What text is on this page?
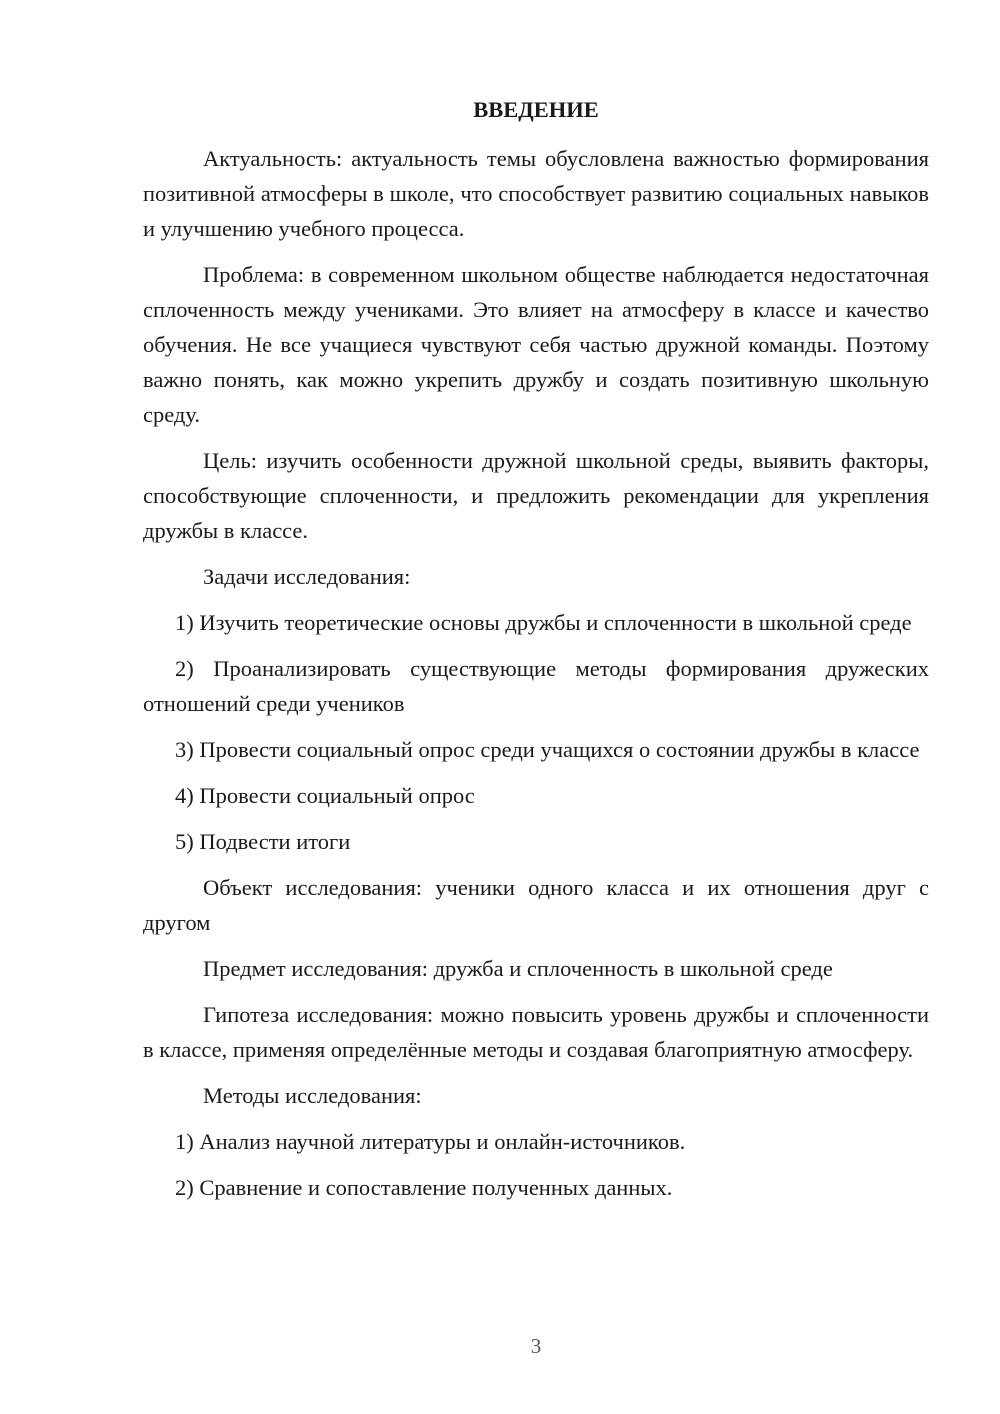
ВВЕДЕНИЕ

Актуальность: актуальность темы обусловлена важностью формирования позитивной атмосферы в школе, что способствует развитию социальных навыков и улучшению учебного процесса.

Проблема: в современном школьном обществе наблюдается недостаточная сплоченность между учениками. Это влияет на атмосферу в классе и качество обучения. Не все учащиеся чувствуют себя частью дружной команды. Поэтому важно понять, как можно укрепить дружбу и создать позитивную школьную среду.

Цель: изучить особенности дружной школьной среды, выявить факторы, способствующие сплоченности, и предложить рекомендации для укрепления дружбы в классе.

Задачи исследования:

1) Изучить теоретические основы дружбы и сплоченности в школьной среде

2) Проанализировать существующие методы формирования дружеских отношений среди учеников

3) Провести социальный опрос среди учащихся о состоянии дружбы в классе

4) Провести социальный опрос

5) Подвести итоги

Объект исследования: ученики одного класса и их отношения друг с другом

Предмет исследования: дружба и сплоченность в школьной среде

Гипотеза исследования: можно повысить уровень дружбы и сплоченности в классе, применяя определённые методы и создавая благоприятную атмосферу.

Методы исследования:

1) Анализ научной литературы и онлайн-источников.

2) Сравнение и сопоставление полученных данных.

3
